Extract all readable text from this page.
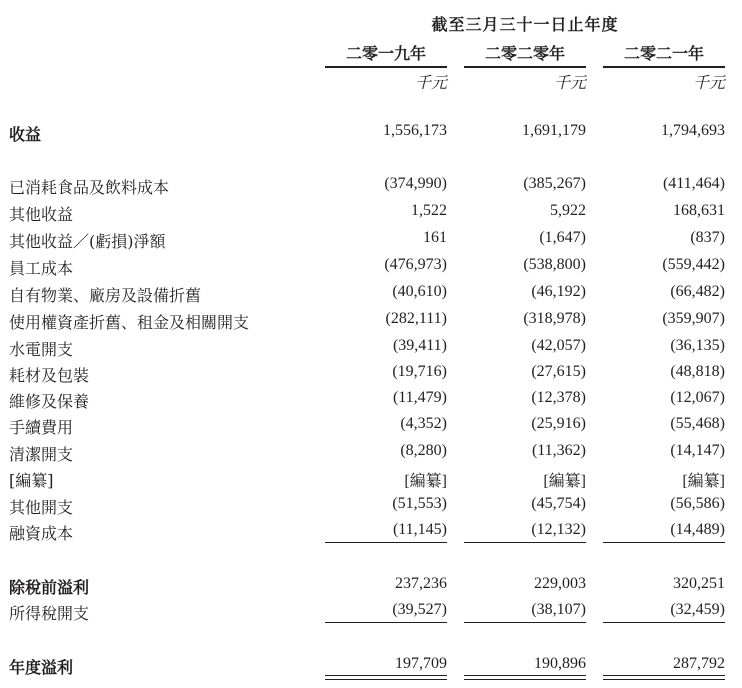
截至三月三十一日止年度
二零一九年	二零二零年	二零二一年
千元	千元	千元
收益	1,556,173	1,691,179	1,794,693
已消耗食品及飲料成本	(374,990)	(385,267)	(411,464)
其他收益	1,522	5,922	168,631
其他收益／(虧損)淨額	161	(1,647)	(837)
員工成本	(476,973)	(538,800)	(559,442)
自有物業、廠房及設備折舊	(40,610)	(46,192)	(66,482)
使用權資產折舊、租金及相關開支	(282,111)	(318,978)	(359,907)
水電開支	(39,411)	(42,057)	(36,135)
耗材及包裝	(19,716)	(27,615)	(48,818)
維修及保養	(11,479)	(12,378)	(12,067)
手續費用	(4,352)	(25,916)	(55,468)
清潔開支	(8,280)	(11,362)	(14,147)
[編纂]	[編纂]	[編纂]	[編纂]
其他開支	(51,553)	(45,754)	(56,586)
融資成本	(11,145)	(12,132)	(14,489)
除稅前溢利	237,236	229,003	320,251
所得稅開支	(39,527)	(38,107)	(32,459)
年度溢利	197,709	190,896	287,792
